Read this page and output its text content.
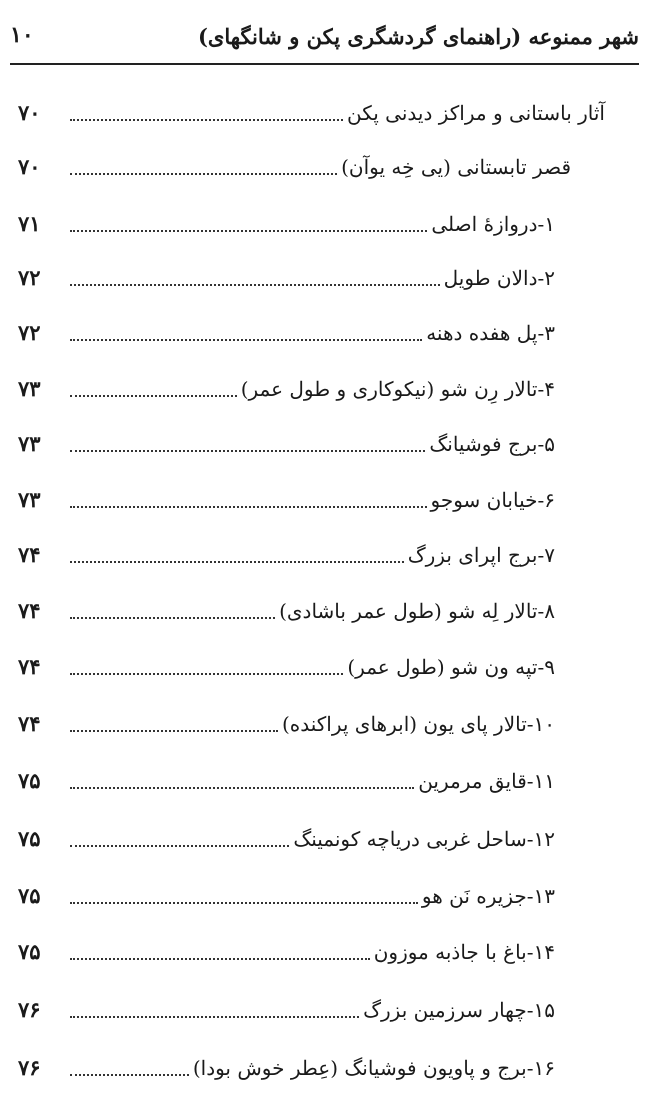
۱۰	شهر ممنوعه (راهنمای گردشگری پکن و شانگهای)
۷۰	آثار باستانی و مراکز دیدنی پکن
۷۰	قصر تابستانی (یی خِه یوآن)
۷۱	۱-دروازهٔ اصلی
۷۲	۲-دالان طویل
۷۲	۳-پل هفده دهنه
۷۳	۴-تالار رِن شو (نیکوکاری و طول عمر)
۷۳	۵-برج فوشیانگ
۷۳	۶-خیابان سوجو
۷۴	۷-برج اپرای بزرگ
۷۴	۸-تالار لِه شو (طول عمر باشادی)
۷۴	۹-تپه ون شو (طول عمر)
۷۴	۱۰-تالار پای یون (ابرهای پراکنده)
۷۵	۱۱-قایق مرمرین
۷۵	۱۲-ساحل غربی دریاچه کونمینگ
۷۵	۱۳-جزیره نَن هو
۷۵	۱۴-باغ با جاذبه موزون
۷۶	۱۵-چهار سرزمین بزرگ
۷۶	۱۶-برج و پاویون فوشیانگ (عِطر خوش بودا)
